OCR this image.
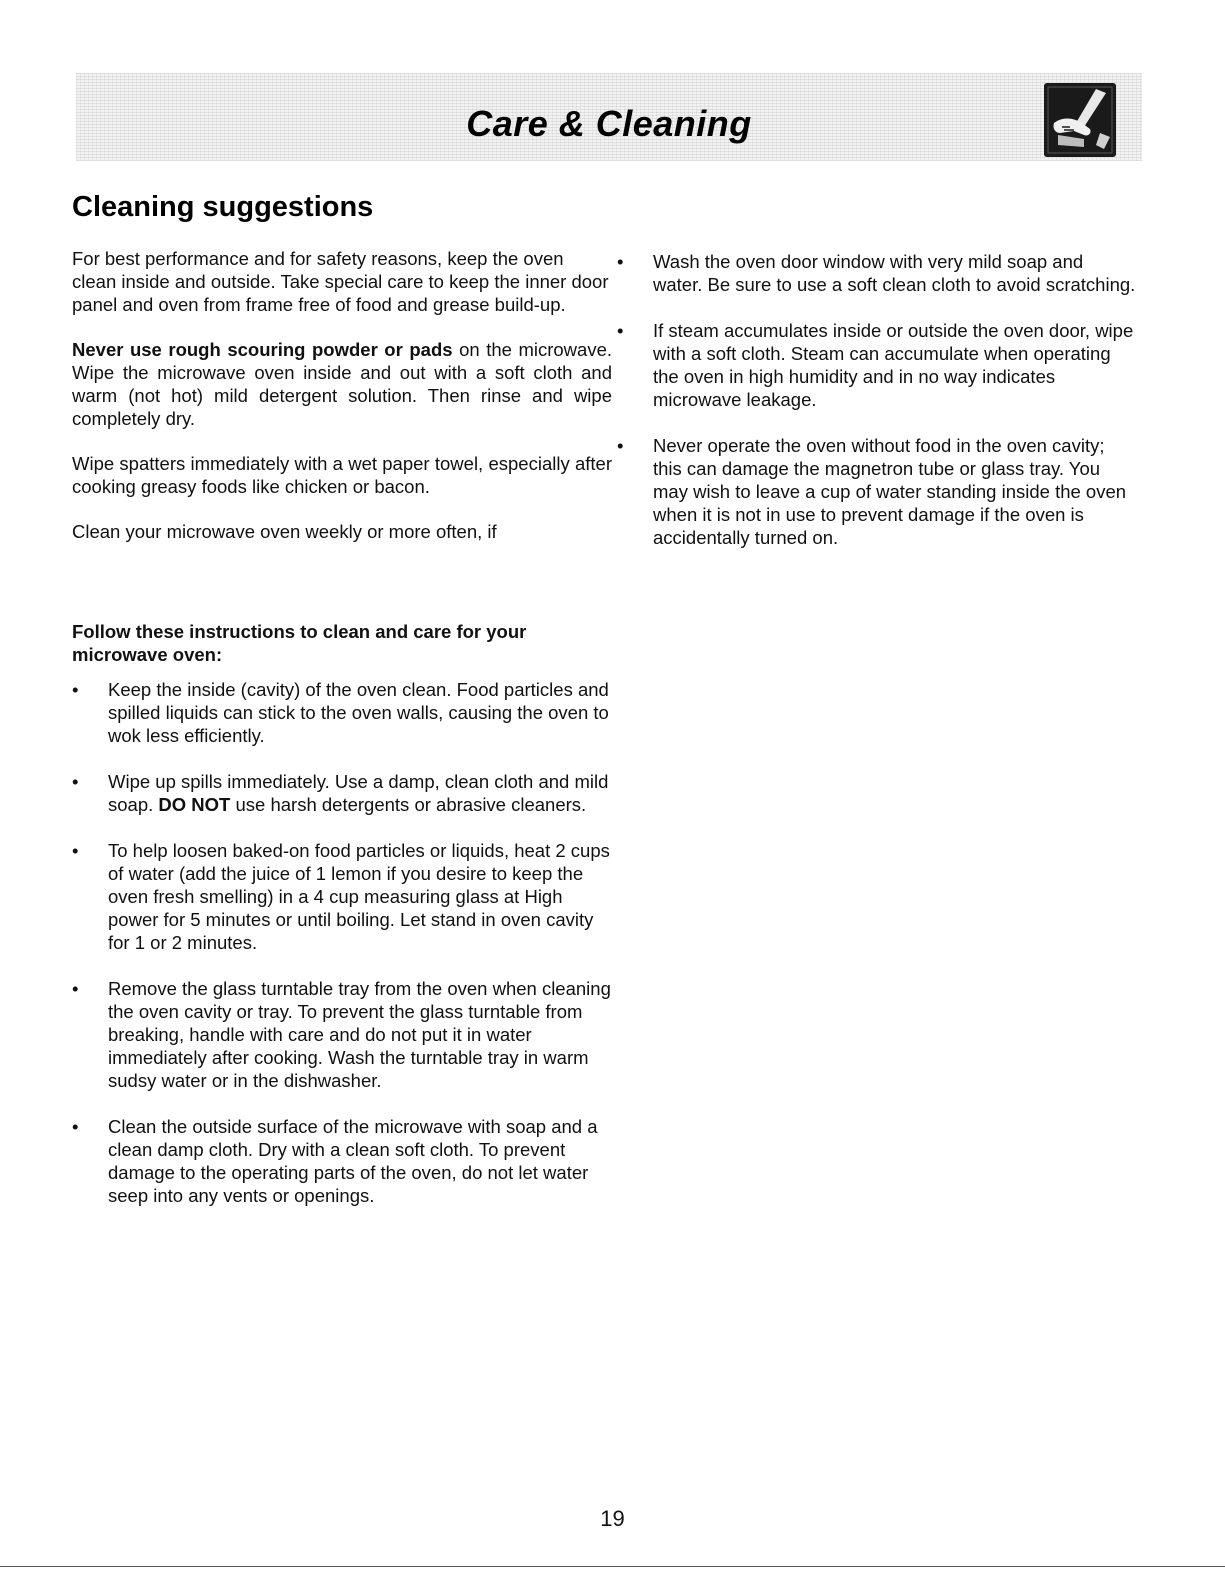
Care & Cleaning
Cleaning suggestions

For best performance and for safety reasons, keep the oven clean inside and outside. Take special care to keep the inner door panel and oven from frame free of food and grease build-up.

Never use rough scouring powder or pads on the microwave. Wipe the microwave oven inside and out with a soft cloth and warm (not hot) mild detergent solution. Then rinse and wipe completely dry.

Wipe spatters immediately with a wet paper towel, especially after cooking greasy foods like chicken or bacon.

Clean your microwave oven weekly or more often, if

Follow these instructions to clean and care for your microwave oven:
• Keep the inside (cavity) of the oven clean. Food particles and spilled liquids can stick to the oven walls, causing the oven to wok less efficiently.
• Wipe up spills immediately. Use a damp, clean cloth and mild soap. DO NOT use harsh detergents or abrasive cleaners.
• To help loosen baked-on food particles or liquids, heat 2 cups of water (add the juice of 1 lemon if you desire to keep the oven fresh smelling) in a 4 cup measuring glass at High power for 5 minutes or until boiling. Let stand in oven cavity for 1 or 2 minutes.
• Remove the glass turntable tray from the oven when cleaning the oven cavity or tray. To prevent the glass turntable from breaking, handle with care and do not put it in water immediately after cooking. Wash the turntable tray in warm sudsy water or in the dishwasher.
• Clean the outside surface of the microwave with soap and a clean damp cloth. Dry with a clean soft cloth. To prevent damage to the operating parts of the oven, do not let water seep into any vents or openings.
• Wash the oven door window with very mild soap and water. Be sure to use a soft clean cloth to avoid scratching.
• If steam accumulates inside or outside the oven door, wipe with a soft cloth. Steam can accumulate when operating the oven in high humidity and in no way indicates microwave leakage.
• Never operate the oven without food in the oven cavity; this can damage the magnetron tube or glass tray. You may wish to leave a cup of water standing inside the oven when it is not in use to prevent damage if the oven is accidentally turned on.
19
